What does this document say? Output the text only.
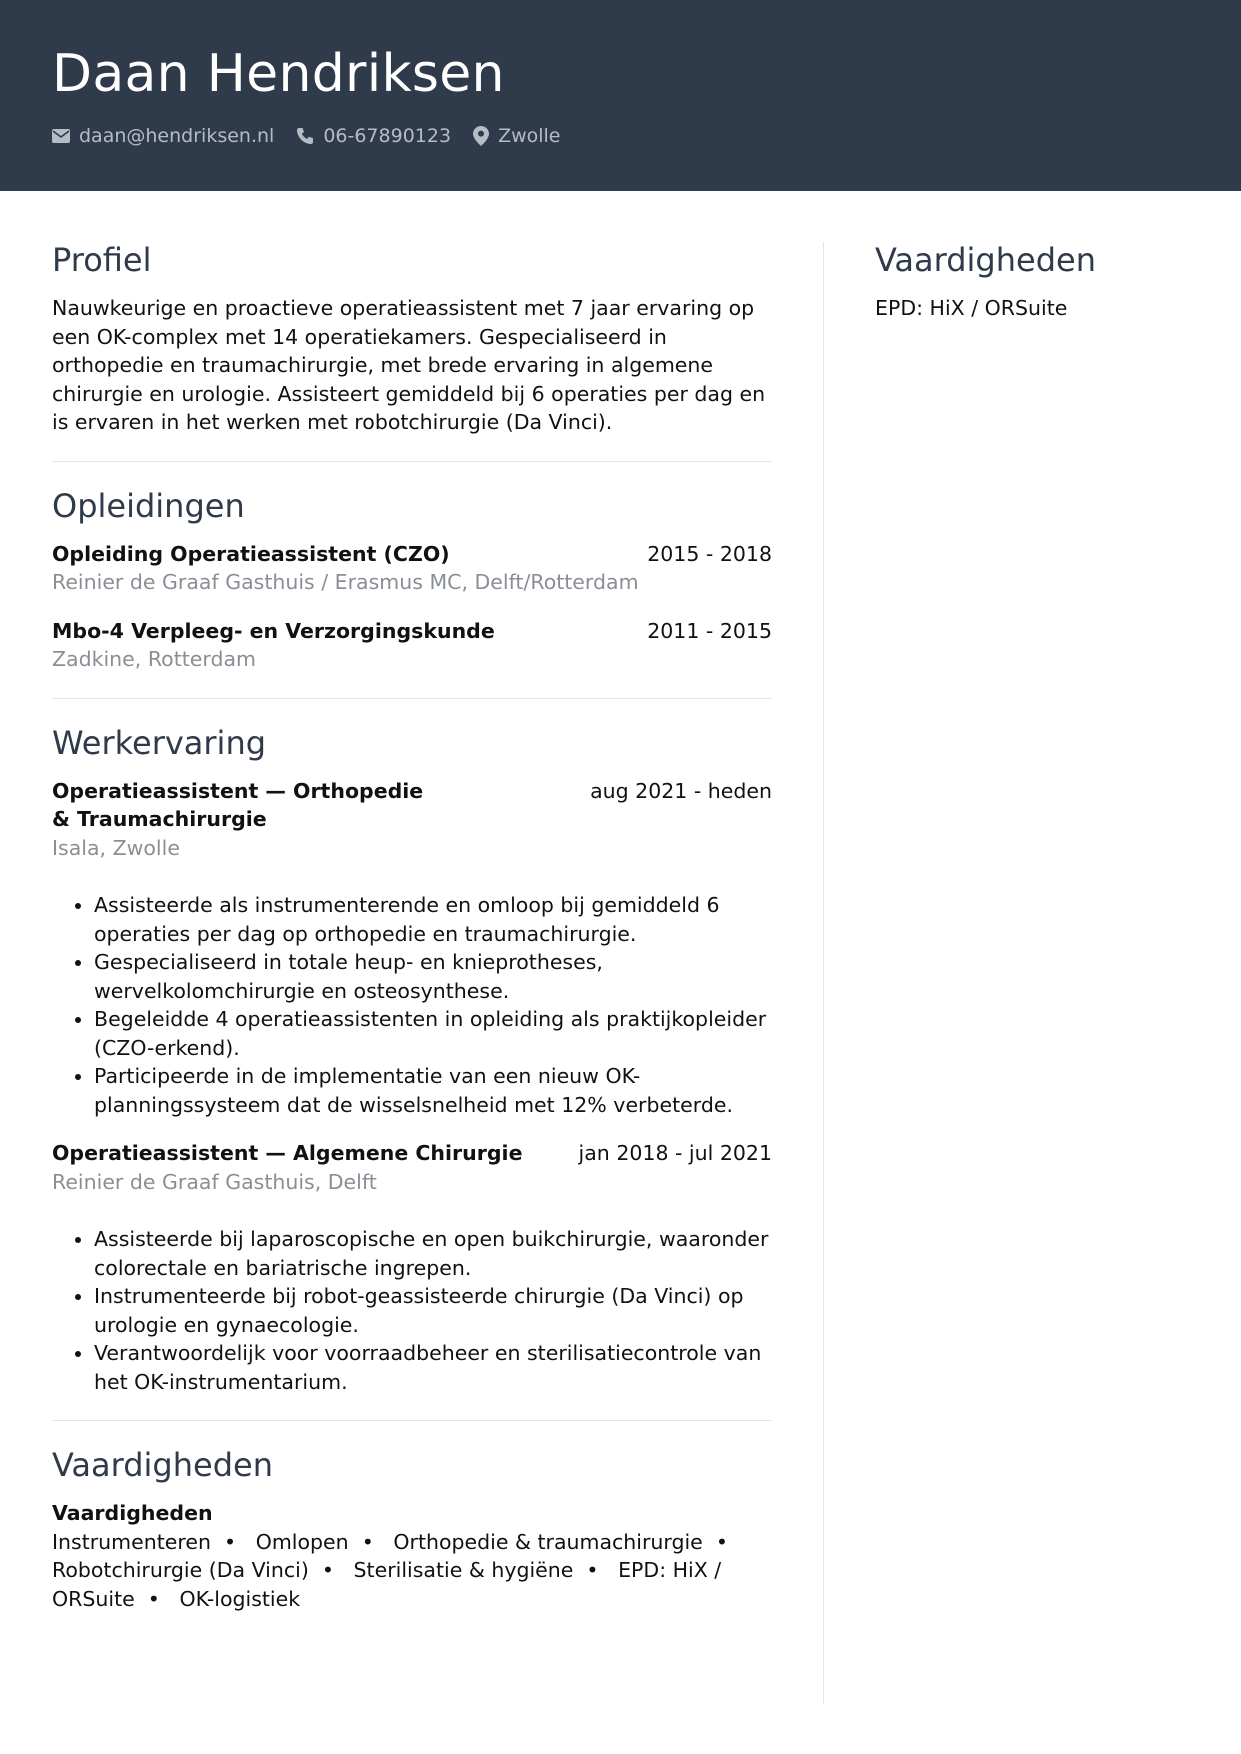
Daan Hendriksen
daan@hendriksen.nl	06-67890123 Zwolle
Profiel
Nauwkeurige en proactieve operatieassistent met 7 jaar ervaring op een OK-complex met 14 operatiekamers. Gespecialiseerd in orthopedie en traumachirurgie, met brede ervaring in algemene chirurgie en urologie. Assisteert gemiddeld bij 6 operaties per dag en is ervaren in het werken met robotchirurgie (Da Vinci).
Opleidingen
Opleiding Operatieassistent (CZO)	2015 - 2018
Reinier de Graaf Gasthuis / Erasmus MC, Delft/Rotterdam
Mbo-4 Verpleeg- en Verzorgingskunde	2011 - 2015
Zadkine, Rotterdam
Werkervaring
Operatieassistent — Orthopedie & Traumachirurgie
aug 2021 - heden
Isala, Zwolle
• Assisteerde als instrumenterende en omloop bij gemiddeld 6 operaties per dag op orthopedie en traumachirurgie.
• Gespecialiseerd in totale heup- en knieprotheses, wervelkolomchirurgie en osteosynthese.
• Begeleidde 4 operatieassistenten in opleiding als praktijkopleider (CZO-erkend).
• Participeerde in de implementatie van een nieuw OK-planningssysteem dat de wisselsnelheid met 12% verbeterde.
Operatieassistent — Algemene Chirurgie	jan 2018 - jul 2021
Reinier de Graaf Gasthuis, Delft
• Assisteerde bij laparoscopische en open buikchirurgie, waaronder colorectale en bariatrische ingrepen.
• Instrumenteerde bij robot-geassisteerde chirurgie (Da Vinci) op urologie en gynaecologie.
• Verantwoordelijk voor voorraadbeheer en sterilisatiecontrole van het OK-instrumentarium.
Vaardigheden
Vaardigheden
Instrumenteren  •   Omlopen  •   Orthopedie & traumachirurgie  •   Robotchirurgie (Da Vinci)  •   Sterilisatie & hygiëne  •   EPD: HiX / ORSuite  •   OK-logistiek
Vaardigheden
EPD: HiX / ORSuite
